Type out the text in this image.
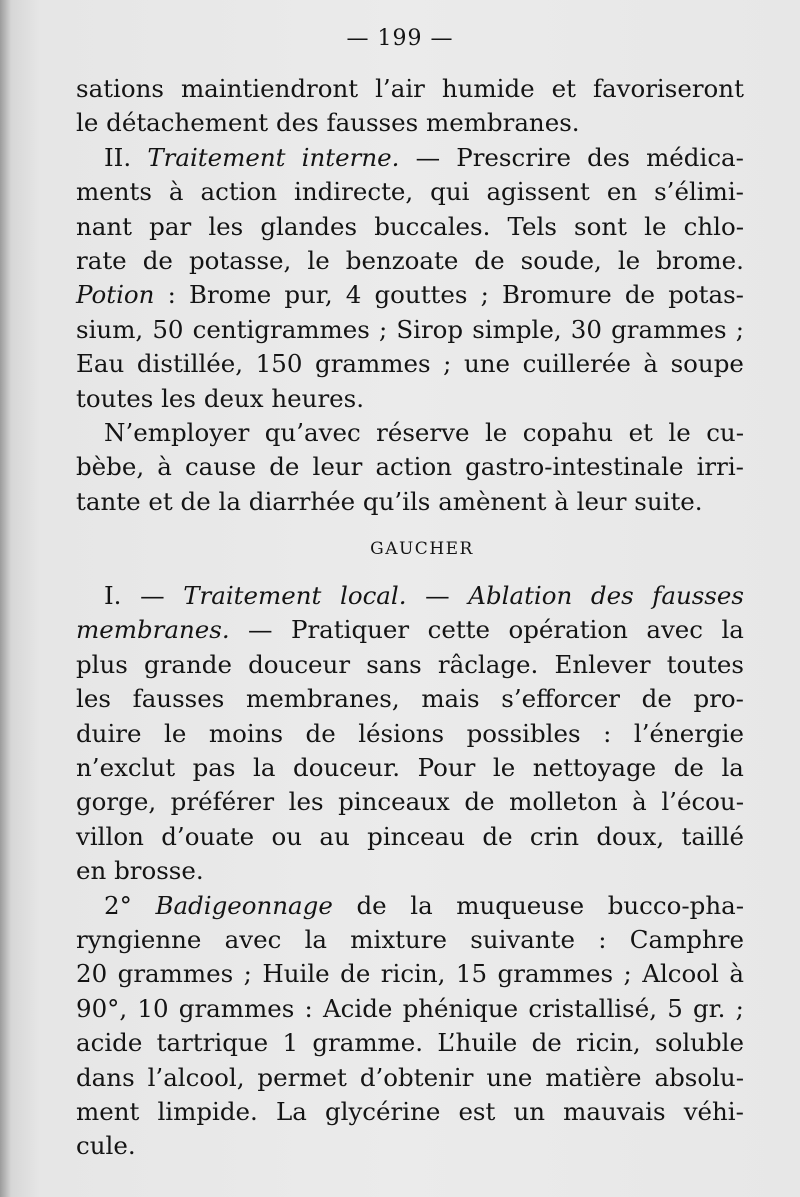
— 199 —
sations maintiendront l’air humide et favoriseront
le
détachement
des
fausses
membranes.
II. Traitement interne. — Prescrire des médica-
ments à action indirecte, qui agissent en s’élimi-
nant par les glandes buccales. Tels sont le chlo-
rate de potasse, le benzoate de soude, le brome.
Potion : Brome pur, 4 gouttes ; Bromure de potas-
sium, 50 centigrammes ; Sirop simple, 30 grammes ;
Eau distillée, 150 grammes ; une cuillerée à soupe
toutes
les
deux
heures.
N’employer qu’avec réserve le copahu et le cu-
bèbe, à cause de leur action gastro-intestinale irri-
tante
et
de
la
diarrhée
qu’ils
amènent
à
leur
suite.
GAUCHER
I. — Traitement local. — Ablation des fausses
membranes. — Pratiquer cette opération avec la
plus grande douceur sans râclage. Enlever toutes
les fausses membranes, mais s’efforcer de pro-
duire le moins de lésions possibles : l’énergie
n’exclut pas la douceur. Pour le nettoyage de la
gorge, préférer les pinceaux de molleton à l’écou-
villon d’ouate ou au pinceau de crin doux, taillé
en
brosse.
2° Badigeonnage de la muqueuse bucco-pha-
ryngienne avec la mixture suivante : Camphre
20 grammes ; Huile de ricin, 15 grammes ; Alcool à
90°, 10 grammes : Acide phénique cristallisé, 5 gr. ;
acide tartrique 1 gramme. L’huile de ricin, soluble
dans l’alcool, permet d’obtenir une matière absolu-
ment limpide. La glycérine est un mauvais véhi-
cule.
